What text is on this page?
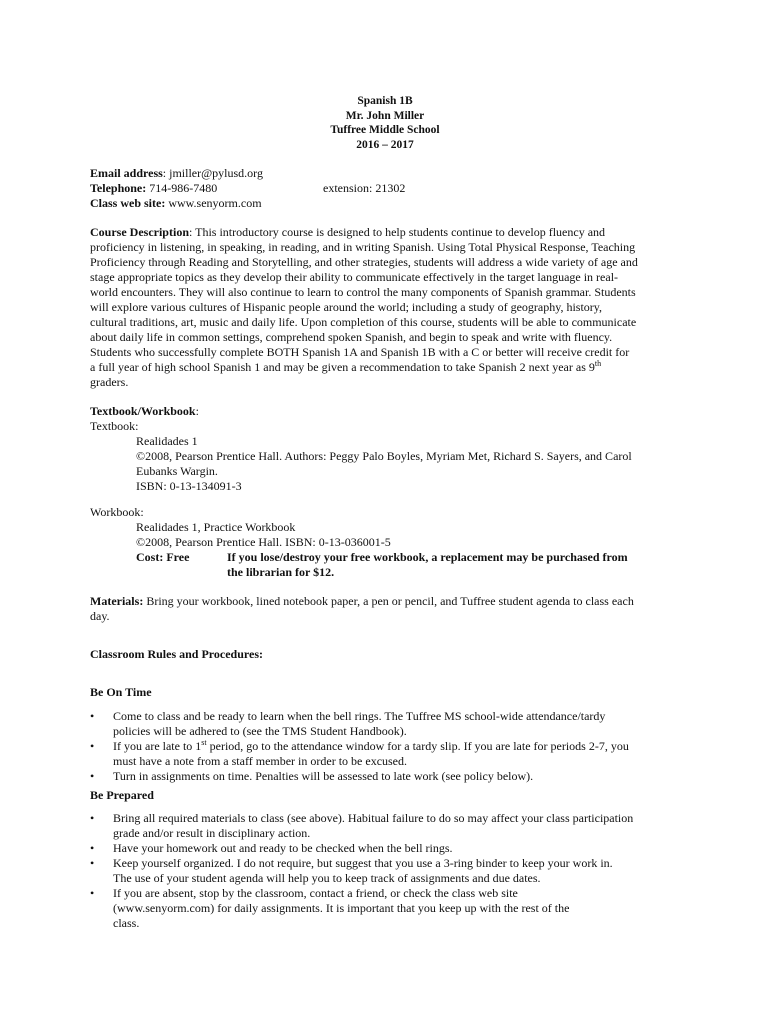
Spanish 1B
Mr. John Miller
Tuffree Middle School
2016 – 2017
Email address: jmiller@pylusd.org
Telephone: 714-986-7480	extension: 21302
Class web site: www.senyorm.com

Course Description: This introductory course is designed to help students continue to develop fluency and

proficiency in listening, in speaking, in reading, and in writing Spanish. Using Total Physical Response, Teaching

Proficiency through Reading and Storytelling, and other strategies, students will address a wide variety of age and

stage appropriate topics as they develop their ability to communicate effectively in the target language in real-

world encounters. They will also continue to learn to control the many components of Spanish grammar. Students

will explore various cultures of Hispanic people around the world; including a study of geography, history,

cultural traditions, art, music and daily life. Upon completion of this course, students will be able to communicate

about daily life in common settings, comprehend spoken Spanish, and begin to speak and write with fluency.

Students who successfully complete BOTH Spanish 1A and Spanish 1B with a C or better will receive credit for

a full year of high school Spanish 1 and may be given a recommendation to take Spanish 2 next year as 9th

graders.

Textbook/Workbook:
Textbook:
Realidades 1
©2008, Pearson Prentice Hall. Authors: Peggy Palo Boyles, Myriam Met, Richard S. Sayers, and Carol
Eubanks Wargin.
ISBN: 0-13-134091-3
Workbook:
Realidades 1, Practice Workbook
©2008, Pearson Prentice Hall. ISBN: 0-13-036001-5
Cost: Free	If you lose/destroy your free workbook, a replacement may be purchased from
the librarian for $12.
Materials: Bring your workbook, lined notebook paper, a pen or pencil, and Tuffree student agenda to class each
day.
Classroom Rules and Procedures:
Be On Time
• Come to class and be ready to learn when the bell rings. The Tuffree MS school-wide attendance/tardy
policies will be adhered to (see the TMS Student Handbook).
• If you are late to 1st period, go to the attendance window for a tardy slip. If you are late for periods 2-7, you
must have a note from a staff member in order to be excused.
• Turn in assignments on time. Penalties will be assessed to late work (see policy below).
Be Prepared
• Bring all required materials to class (see above). Habitual failure to do so may affect your class participation
grade and/or result in disciplinary action.
• Have your homework out and ready to be checked when the bell rings.
• Keep yourself organized. I do not require, but suggest that you use a 3-ring binder to keep your work in.
The use of your student agenda will help you to keep track of assignments and due dates.
• If you are absent, stop by the classroom, contact a friend, or check the class web site
(www.senyorm.com) for daily assignments. It is important that you keep up with the rest of the
class.
